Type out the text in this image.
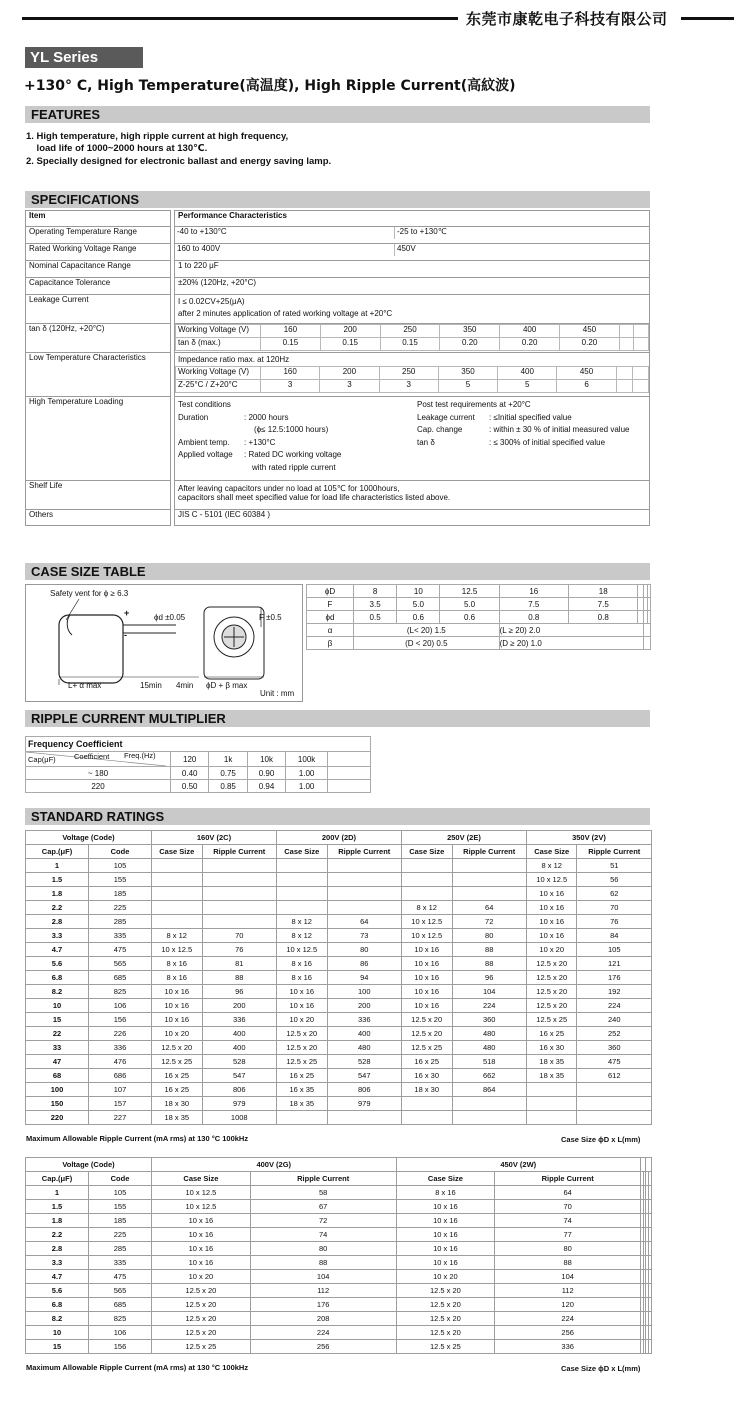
东莞市康乾电子科技有限公司
YL Series
+130° C, High Temperature(高温度), High Ripple Current(高紋波)
FEATURES
1. High temperature, high ripple current at high frequency,
load life of 1000~2000 hours at 130℃.
2. Specially designed for electronic ballast and energy saving lamp.
SPECIFICATIONS
Item		Performance Characteristics
Operating Temperature Range			-40 to +130°C	-25 to +130℃

Rated Working Voltage Range			160 to 400V	450V

Nominal Capacitance Range		1 to 220 μF
Capacitance Tolerance		±20% (120Hz, +20°C)
Leakage Current		I ≤ 0.02CV+25(μA)
after 2 minutes application of rated working voltage at +20°C

tan δ (120Hz, +20°C)			Working Voltage (V)	160	200	250	350	400	450		
tan δ (max.)	0.15	0.15	0.15	0.20	0.20	0.20		

Low Temperature Characteristics		Impedance ratio max. at 120Hz
Working Voltage (V)	160	200	250	350	400	450		
Z-25°C / Z+20°C	3	3	3	5	5	6		

High Temperature Loading		Test conditions
Duration	: 2000 hours
(ϕ≤ 12.5:1000 hours)
Ambient temp. : +130°C
Applied voltage : Rated DC working voltage
with rated ripple current
Post test requirements at +20°C
Leakage current : ≤Initial specified value
Cap. change	: within ± 30 % of initial measured value
tan δ	: ≤ 300% of initial specified value

Shelf Life		After leaving capacitors under no load at 105℃ for 1000hours,
capacitors shall meet specified value for load life characteristics listed above.

Others		JIS C - 5101 (IEC 60384 )
CASE SIZE TABLE
Safety vent for ϕ ≥ 6.3
+
-
ϕd ±0.05	F ±0.5
L+ α max	15min 4min ϕD + β max
Unit : mm
ϕD	8	10	12.5	16	18			
F	3.5	5.0	5.0	7.5	7.5			
ϕd	0.5	0.6	0.6	0.8	0.8			
α	(L< 20) 1.5			(L ≥ 20) 2.0				
β	(D < 20) 0.5			(D ≥ 20) 1.0				
RIPPLE CURRENT MULTIPLIER
Frequency Coefficient					

Cap(μF) Coefficient Freq.(Hz)	120	1k	10k	100k	
~ 180	0.40	0.75	0.90	1.00	
220	0.50	0.85	0.94	1.00	
STANDARD RATINGS
Voltage (Code)		160V (2C)		200V (2D)		250V (2E)		350V (2V)	
Cap.(μF)	Code	Case Size	Ripple Current	Case Size	Ripple Current	Case Size	Ripple Current	Case Size	Ripple Current
1	105							8 x 12	51
1.5	155							10 x 12.5	56
1.8	185							10 x 16	62
2.2	225					8 x 12	64	10 x 16	70
2.8	285			8 x 12	64	10 x 12.5	72	10 x 16	76
3.3	335	8 x 12	70	8 x 12	73	10 x 12.5	80	10 x 16	84
4.7	475	10 x 12.5	76	10 x 12.5	80	10 x 16	88	10 x 20	105
5.6	565	8 x 16	81	8 x 16	86	10 x 16	88	12.5 x 20	121
6.8	685	8 x 16	88	8 x 16	94	10 x 16	96	12.5 x 20	176
8.2	825	10 x 16	96	10 x 16	100	10 x 16	104	12.5 x 20	192
10	106	10 x 16	200	10 x 16	200	10 x 16	224	12.5 x 20	224
15	156	10 x 16	336	10 x 20	336	12.5 x 20	360	12.5 x 25	240
22	226	10 x 20	400	12.5 x 20	400	12.5 x 20	480	16 x 25	252
33	336	12.5 x 20	400	12.5 x 20	480	12.5 x 25	480	16 x 30	360
47	476	12.5 x 25	528	12.5 x 25	528	16 x 25	518	18 x 35	475
68	686	16 x 25	547	16 x 25	547	16 x 30	662	18 x 35	612
100	107	16 x 25	806	16 x 35	806	18 x 30	864		
150	157	18 x 30	979	18 x 35	979				
220	227	18 x 35	1008						
Maximum Allowable Ripple Current (mA rms) at 130 °C 100kHz	Case Size ϕD x L(mm)
Voltage (Code)		400V (2G)		450V (2W)					
Cap.(μF)	Code	Case Size	Ripple Current	Case Size	Ripple Current				
1	105	10 x 12.5	58	8 x 16	64				
1.5	155	10 x 12.5	67	10 x 16	70				
1.8	185	10 x 16	72	10 x 16	74				
2.2	225	10 x 16	74	10 x 16	77				
2.8	285	10 x 16	80	10 x 16	80				
3.3	335	10 x 16	88	10 x 16	88				
4.7	475	10 x 20	104	10 x 20	104				
5.6	565	12.5 x 20	112	12.5 x 20	112				
6.8	685	12.5 x 20	176	12.5 x 20	120				
8.2	825	12.5 x 20	208	12.5 x 20	224				
10	106	12.5 x 20	224	12.5 x 20	256				
15	156	12.5 x 25	256	12.5 x 25	336				
Maximum Allowable Ripple Current (mA rms) at 130 °C 100kHz	Case Size ϕD x L(mm)
